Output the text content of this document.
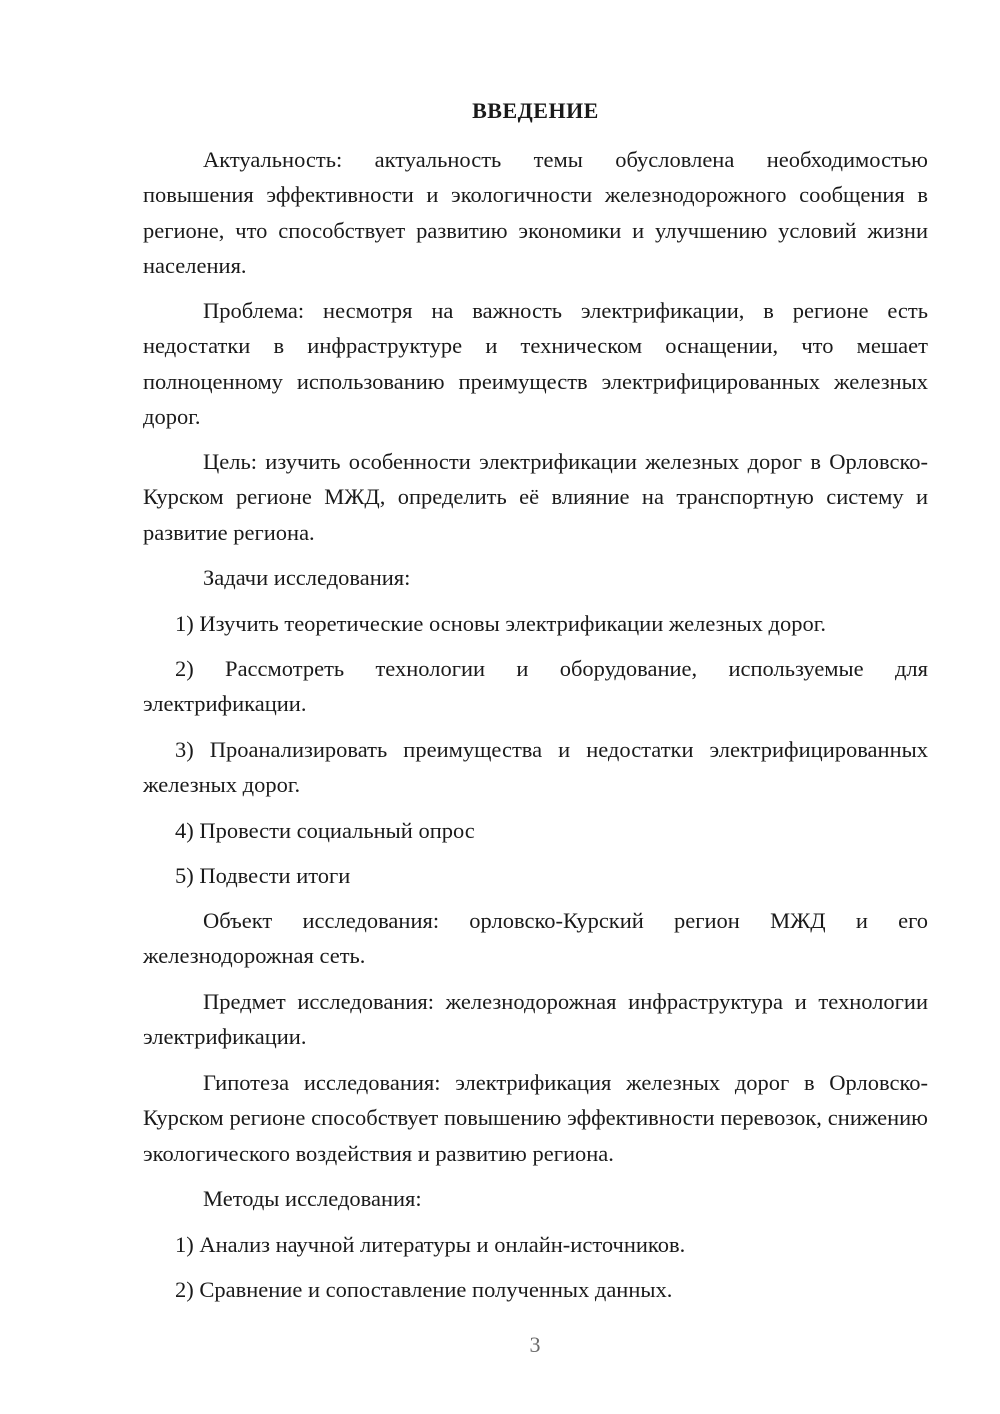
ВВЕДЕНИЕ

Актуальность: актуальность темы обусловлена необходимостью повышения эффективности и экологичности железнодорожного сообщения в регионе, что способствует развитию экономики и улучшению условий жизни населения.

Проблема: несмотря на важность электрификации, в регионе есть недостатки в инфраструктуре и техническом оснащении, что мешает полноценному использованию преимуществ электрифицированных железных дорог.

Цель: изучить особенности электрификации железных дорог в Орловско-Курском регионе МЖД, определить её влияние на транспортную систему и развитие региона.

Задачи исследования:

1) Изучить теоретические основы электрификации железных дорог.

2) Рассмотреть технологии и оборудование, используемые для электрификации.

3) Проанализировать преимущества и недостатки электрифицированных железных дорог.

4) Провести социальный опрос

5) Подвести итоги

Объект исследования: орловско-Курский регион МЖД и его железнодорожная сеть.

Предмет исследования: железнодорожная инфраструктура и технологии электрификации.

Гипотеза исследования: электрификация железных дорог в Орловско-Курском регионе способствует повышению эффективности перевозок, снижению экологического воздействия и развитию региона.

Методы исследования:

1) Анализ научной литературы и онлайн-источников.

2) Сравнение и сопоставление полученных данных.

3
